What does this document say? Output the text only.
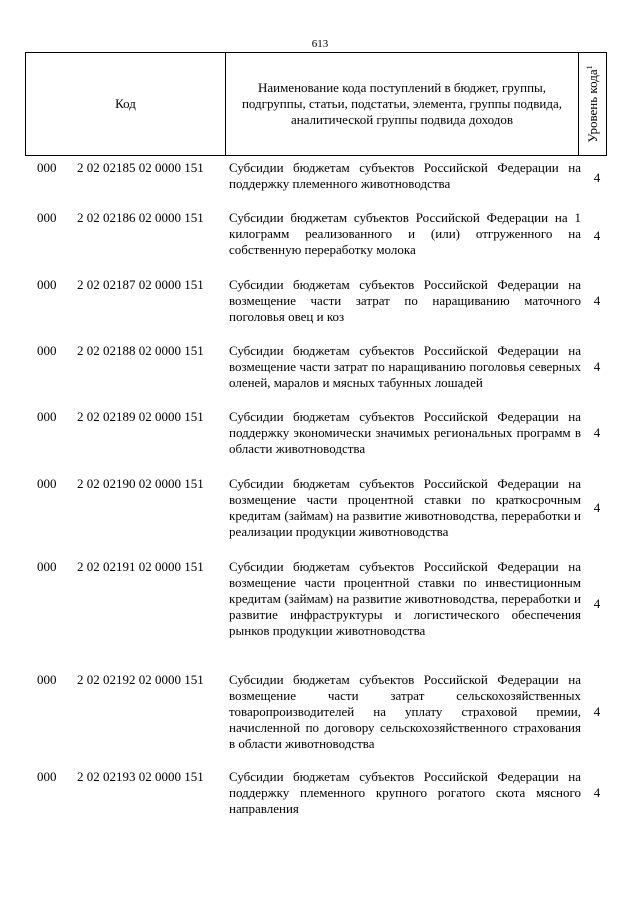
613
Код
Наименование кода поступлений в бюджет, группы, подгруппы, статьи, подстатьи, элемента, группы подвида, аналитической группы подвида доходов	Уровень кода$^1$
000 2 02 02185 02 0000 151 Субсидии бюджетам субъектов Российской Федерации на поддержку племенного животноводства	4
000 2 02 02186 02 0000 151 Субсидии бюджетам субъектов Российской Федерации на 1 килограмм реализованного и (или) отгруженного на собственную переработку молока
4
000 2 02 02187 02 0000 151 Субсидии бюджетам субъектов Российской Федерации на возмещение части затрат по наращиванию маточного поголовья овец и коз
4
000 2 02 02188 02 0000 151 Субсидии бюджетам субъектов Российской Федерации на возмещение части затрат по наращиванию поголовья северных оленей, маралов и мясных табунных лошадей
4
000 2 02 02189 02 0000 151 Субсидии бюджетам субъектов Российской Федерации на поддержку экономически значимых региональных программ в области животноводства
4
000 2 02 02190 02 0000 151 Субсидии бюджетам субъектов Российской Федерации на возмещение части процентной ставки по краткосрочным кредитам (займам) на развитие животноводства, переработки и реализации продукции животноводства
4
000 2 02 02191 02 0000 151 Субсидии бюджетам субъектов Российской Федерации на возмещение части процентной ставки по инвестиционным кредитам (займам) на развитие животноводства, переработки и развитие инфраструктуры и логистического обеспечения рынков продукции животноводства
4
000 2 02 02192 02 0000 151 Субсидии бюджетам субъектов Российской Федерации на возмещение части затрат сельскохозяйственных товаропроизводителей на уплату страховой премии, начисленной по договору сельскохозяйственного страхования в области животноводства
4
000 2 02 02193 02 0000 151 Субсидии бюджетам субъектов Российской Федерации на поддержку племенного крупного рогатого скота мясного направления
4
